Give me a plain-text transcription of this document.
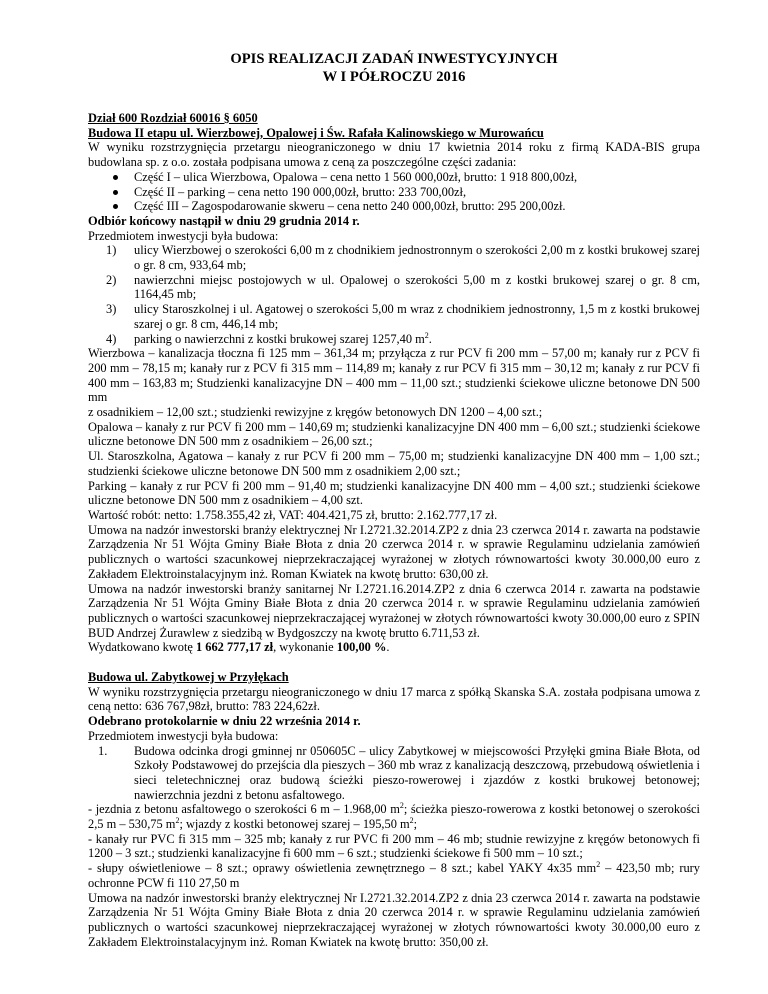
OPIS REALIZACJI ZADAŃ INWESTYCYJNYCH
W I PÓŁROCZU 2016

Dział 600 Rozdział 60016 § 6050

Budowa II etapu ul. Wierzbowej, Opalowej i Św. Rafała Kalinowskiego w Murowańcu

W wyniku rozstrzygnięcia przetargu nieograniczonego w dniu 17 kwietnia 2014 roku z firmą KADA-BIS grupa budowlana sp. z o.o. została podpisana umowa z ceną za poszczególne części zadania:

Część I – ulica Wierzbowa, Opalowa – cena netto 1 560 000,00zł, brutto: 1 918 800,00zł,
Część II – parking – cena netto 190 000,00zł, brutto: 233 700,00zł,
Część III – Zagospodarowanie skweru – cena netto 240 000,00zł, brutto: 295 200,00zł.

Odbiór końcowy nastąpił w dniu 29 grudnia 2014 r.

Przedmiotem inwestycji była budowa:

1) ulicy Wierzbowej o szerokości 6,00 m z chodnikiem jednostronnym o szerokości 2,00 m z kostki brukowej szarej o gr. 8 cm, 933,64 mb;
2) nawierzchni miejsc postojowych w ul. Opalowej o szerokości 5,00 m z kostki brukowej szarej o gr. 8 cm, 1164,45 mb;
3) ulicy Staroszkolnej i ul. Agatowej o szerokości 5,00 m wraz z chodnikiem jednostronny, 1,5 m z kostki brukowej szarej o gr. 8 cm, 446,14 mb;
4) parking o nawierzchni z kostki brukowej szarej 1257,40 $m^2$.

Wierzbowa – kanalizacja tłoczna fi 125 mm – 361,34 m; przyłącza z rur PCV fi 200 mm – 57,00 m; kanały rur z PCV fi 200 mm – 78,15 m; kanały rur z PCV fi 315 mm – 114,89 m; kanały z rur PCV fi 315 mm – 30,12 m; kanały z rur PCV fi 400 mm – 163,83 m; Studzienki kanalizacyjne DN – 400 mm – 11,00 szt.; studzienki ściekowe uliczne betonowe DN 500 mm

z osadnikiem – 12,00 szt.; studzienki rewizyjne z kręgów betonowych DN 1200 – 4,00 szt.;

Opalowa – kanały z rur PCV fi 200 mm – 140,69 m; studzienki kanalizacyjne DN 400 mm – 6,00 szt.; studzienki ściekowe uliczne betonowe DN 500 mm z osadnikiem – 26,00 szt.;

Ul. Staroszkolna, Agatowa – kanały z rur PCV fi 200 mm – 75,00 m; studzienki kanalizacyjne DN 400 mm – 1,00 szt.; studzienki ściekowe uliczne betonowe DN 500 mm z osadnikiem 2,00 szt.;

Parking – kanały z rur PCV fi 200 mm – 91,40 m; studzienki kanalizacyjne DN 400 mm – 4,00 szt.; studzienki ściekowe uliczne betonowe DN 500 mm z osadnikiem – 4,00 szt.

Wartość robót: netto: 1.758.355,42 zł, VAT: 404.421,75 zł, brutto: 2.162.777,17 zł.

Umowa na nadzór inwestorski branży elektrycznej Nr I.2721.32.2014.ZP2 z dnia 23 czerwca 2014 r. zawarta na podstawie Zarządzenia Nr 51 Wójta Gminy Białe Błota z dnia 20 czerwca 2014 r. w sprawie Regulaminu udzielania zamówień publicznych o wartości szacunkowej nieprzekraczającej wyrażonej w złotych równowartości kwoty 30.000,00 euro z Zakładem Elektroinstalacyjnym inż. Roman Kwiatek na kwotę brutto: 630,00 zł.

Umowa na nadzór inwestorski branży sanitarnej Nr I.2721.16.2014.ZP2 z dnia 6 czerwca 2014 r. zawarta na podstawie Zarządzenia Nr 51 Wójta Gminy Białe Błota z dnia 20 czerwca 2014 r. w sprawie Regulaminu udzielania zamówień publicznych o wartości szacunkowej nieprzekraczającej wyrażonej w złotych równowartości kwoty 30.000,00 euro z SPIN BUD Andrzej Żurawlew z siedzibą w Bydgoszczy na kwotę brutto 6.711,53 zł.

Wydatkowano kwotę 1 662 777,17 zł, wykonanie 100,00 %.

Budowa ul. Zabytkowej w Przyłękach

W wyniku rozstrzygnięcia przetargu nieograniczonego w dniu 17 marca z spółką Skanska S.A. została podpisana umowa z ceną netto: 636 767,98zł, brutto: 783 224,62zł.

Odebrano protokolarnie w dniu 22 września 2014 r.

Przedmiotem inwestycji była budowa:

1. Budowa odcinka drogi gminnej nr 050605C – ulicy Zabytkowej w miejscowości Przyłęki gmina Białe Błota, od Szkoły Podstawowej do przejścia dla pieszych – 360 mb wraz z kanalizacją deszczową, przebudową oświetlenia i sieci teletechnicznej oraz budową ścieżki pieszo-rowerowej i zjazdów z kostki brukowej betonowej; nawierzchnia jezdni z betonu asfaltowego.

- jezdnia z betonu asfaltowego o szerokości 6 m – 1.968,00 $m^2$; ścieżka pieszo-rowerowa z kostki betonowej o szerokości 2,5 m – 530,75 $m^2$; wjazdy z kostki betonowej szarej – 195,50 $m^2$;

- kanały rur PVC fi 315 mm – 325 mb; kanały z rur PVC fi 200 mm – 46 mb; studnie rewizyjne z kręgów betonowych fi 1200 – 3 szt.; studzienki kanalizacyjne fi 600 mm – 6 szt.; studzienki ściekowe fi 500 mm – 10 szt.;

- słupy oświetleniowe – 8 szt.; oprawy oświetlenia zewnętrznego – 8 szt.; kabel YAKY 4x35 $mm^2 - 423,50$ mb; rury ochronne PCW fi 110 27,50 m

Umowa na nadzór inwestorski branży elektrycznej Nr I.2721.32.2014.ZP2 z dnia 23 czerwca 2014 r. zawarta na podstawie Zarządzenia Nr 51 Wójta Gminy Białe Błota z dnia 20 czerwca 2014 r. w sprawie Regulaminu udzielania zamówień publicznych o wartości szacunkowej nieprzekraczającej wyrażonej w złotych równowartości kwoty 30.000,00 euro z Zakładem Elektroinstalacyjnym inż. Roman Kwiatek na kwotę brutto: 350,00 zł.
